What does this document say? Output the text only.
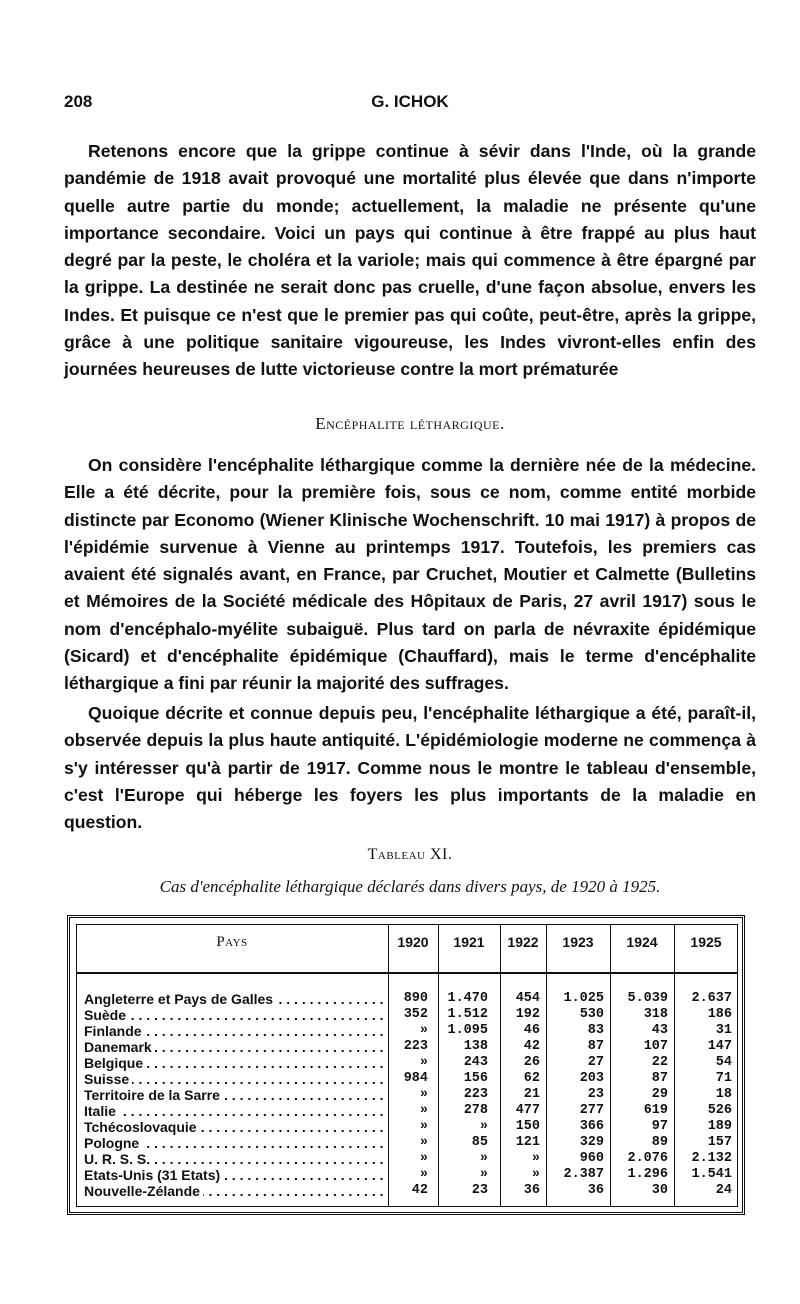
208	G. ICHOK

Retenons encore que la grippe continue à sévir dans l'Inde, où la grande pandémie de 1918 avait provoqué une mortalité plus élevée que dans n'importe quelle autre partie du monde; actuellement, la maladie ne présente qu'une importance secondaire. Voici un pays qui continue à être frappé au plus haut degré par la peste, le choléra et la variole; mais qui commence à être épargné par la grippe. La destinée ne serait donc pas cruelle, d'une façon absolue, envers les Indes. Et puisque ce n'est que le premier pas qui coûte, peut-être, après la grippe, grâce à une politique sanitaire vigoureuse, les Indes vivront-elles enfin des journées heureuses de lutte victorieuse contre la mort prématurée

Encéphalite léthargique.

On considère l'encéphalite léthargique comme la dernière née de la médecine. Elle a été décrite, pour la première fois, sous ce nom, comme entité morbide distincte par Economo (Wiener Klinische Wochenschrift. 10 mai 1917) à propos de l'épidémie survenue à Vienne au printemps 1917. Toutefois, les premiers cas avaient été signalés avant, en France, par Cruchet, Moutier et Calmette (Bulletins et Mémoires de la Société médicale des Hôpitaux de Paris, 27 avril 1917) sous le nom d'encéphalo-myélite subaiguë. Plus tard on parla de névraxite épidémique (Sicard) et d'encéphalite épidémique (Chauffard), mais le terme d'encéphalite léthargique a fini par réunir la majorité des suffrages.

Quoique décrite et connue depuis peu, l'encéphalite léthargique a été, paraît-il, observée depuis la plus haute antiquité. L'épidémiologie moderne ne commença à s'y intéresser qu'à partir de 1917. Comme nous le montre le tableau d'ensemble, c'est l'Europe qui héberge les foyers les plus importants de la maladie en question.

Tableau XI.
Cas d'encéphalite léthargique déclarés dans divers pays, de 1920 à 1925.
Pays	1920	1921	1922	1923	1924	1925
Angleterre et Pays de Galles . . .	890	1.470	454	1.025	5.039	2.637
Suède . . .	352	1.512	192	530	318	186
Finlande . . .	»	1.095	46	83	43	31
Danemark . . .	223	138	42	87	107	147
Belgique . . .	»	243	26	27	22	54
Suisse . . .	984	156	62	203	87	71
Territoire de la Sarre . . .	»	223	21	23	29	18
Italie . . .	»	278	477	277	619	526
Tchécoslovaquie . . .	»	»	150	366	97	189
Pologne . . .	»	85	121	329	89	157
U. R. S. S. . . .	»	»	»	960	2.076	2.132
Etats-Unis (31 Etats) . . .	»	»	»	2.387	1.296	1.541
Nouvelle-Zélande . . .	42	23	36	36	30	24
